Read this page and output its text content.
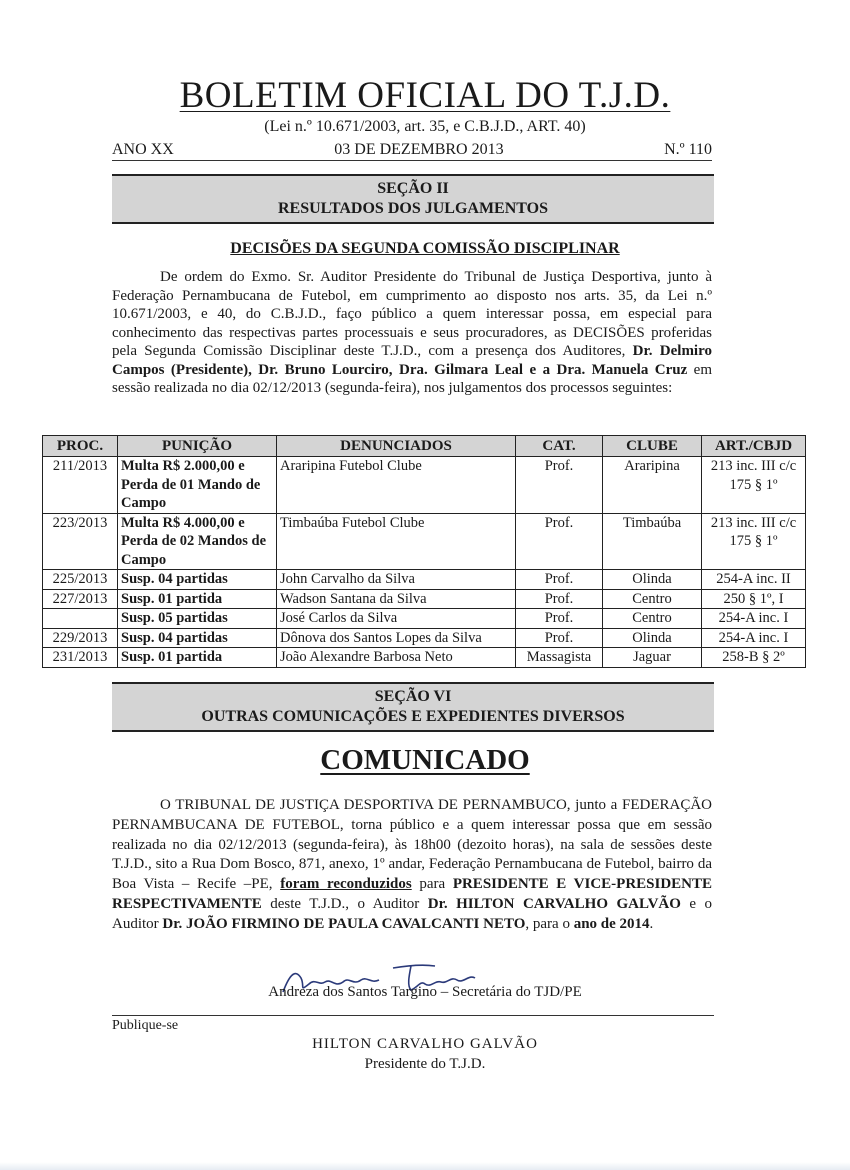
BOLETIM OFICIAL DO T.J.D.
(Lei n.º 10.671/2003, art. 35, e C.B.J.D., ART. 40)
ANO XX	03 DE DEZEMBRO 2013	N.º 110
SEÇÃO II
RESULTADOS DOS JULGAMENTOS
DECISÕES DA SEGUNDA COMISSÃO DISCIPLINAR
De ordem do Exmo. Sr. Auditor Presidente do Tribunal de Justiça Desportiva, junto à Federação Pernambucana de Futebol, em cumprimento ao disposto nos arts. 35, da Lei n.º 10.671/2003, e 40, do C.B.J.D., faço público a quem interessar possa, em especial para conhecimento das respectivas partes processuais e seus procuradores, as DECISÕES proferidas pela Segunda Comissão Disciplinar deste T.J.D., com a presença dos Auditores, Dr. Delmiro Campos (Presidente), Dr. Bruno Lourciro, Dra. Gilmara Leal e a Dra. Manuela Cruz em sessão realizada no dia 02/12/2013 (segunda-feira), nos julgamentos dos processos seguintes:
PROC.	PUNIÇÃO	DENUNCIADOS	CAT.	CLUBE	ART./CBJD
211/2013	Multa R$ 2.000,00 e Perda de 01 Mando de Campo	Araripina Futebol Clube	Prof.	Araripina	213 inc. III c/c 175 § 1º
223/2013	Multa R$ 4.000,00 e Perda de 02 Mandos de Campo	Timbaúba Futebol Clube	Prof.	Timbaúba	213 inc. III c/c 175 § 1º
225/2013	Susp. 04 partidas	John Carvalho da Silva	Prof.	Olinda	254-A inc. II
227/2013	Susp. 01 partida	Wadson Santana da Silva	Prof.	Centro	250 § 1º, I
	Susp. 05 partidas	José Carlos da Silva	Prof.	Centro	254-A inc. I
229/2013	Susp. 04 partidas	Dônova dos Santos Lopes da Silva	Prof.	Olinda	254-A inc. I
231/2013	Susp. 01 partida	João Alexandre Barbosa Neto	Massagista	Jaguar	258-B § 2º
SEÇÃO VI
OUTRAS COMUNICAÇÕES E EXPEDIENTES DIVERSOS
COMUNICADO
O TRIBUNAL DE JUSTIÇA DESPORTIVA DE PERNAMBUCO, junto a FEDERAÇÃO PERNAMBUCANA DE FUTEBOL, torna público e a quem interessar possa que em sessão realizada no dia 02/12/2013 (segunda-feira), às 18h00 (dezoito horas), na sala de sessões deste T.J.D., sito a Rua Dom Bosco, 871, anexo, 1º andar, Federação Pernambucana de Futebol, bairro da Boa Vista – Recife –PE, foram reconduzidos para PRESIDENTE E VICE-PRESIDENTE RESPECTIVAMENTE deste T.J.D., o Auditor Dr. HILTON CARVALHO GALVÃO e o Auditor Dr. JOÃO FIRMINO DE PAULA CAVALCANTI NETO, para o ano de 2014.
Andreza dos Santos Targino – Secretária do TJD/PE
Publique-se
HILTON CARVALHO GALVÃO
Presidente do T.J.D.
